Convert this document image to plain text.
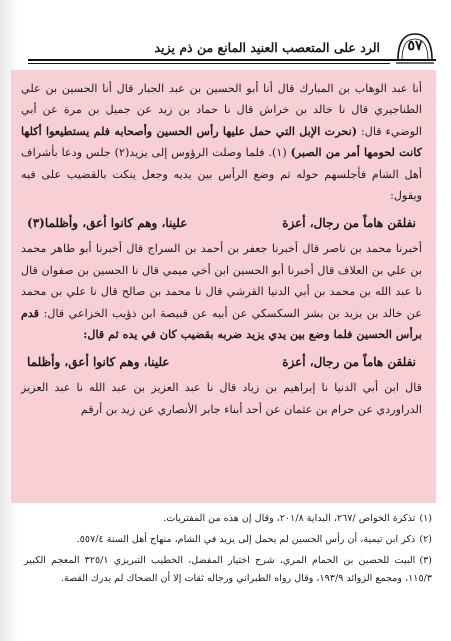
٥٧
الرد على المتعصب العنيد المانع من ذم يزيد

أنا عبد الوهاب بن المبارك قال أنا أبو الحسين بن عبد الجبار قال أنا الحسين بن علي الطناجيري قال نا خالد بن خراش قال نا حماد بن زيد عن جميل بن مرة عن أبي الوضيء قال: (نحرت الإبل التي حمل عليها رأس الحسين وأصحابه فلم يستطيعوا أكلها كانت لحومها أمر من الصبر) (١). فلما وصلت الرؤوس إلى يزيد(٢) جلس ودعا بأشراف أهل الشام فأجلسهم حوله ثم وضع الرأس بين يديه وجعل ينكت بالقضيب على فيه ويقول:

نفلقن هاماً من رجال، أعزة
علينا، وهم كانوا أعق، وأظلما(٣)

أخبرنا محمد بن ناصر قال أخبرنا جعفر بن أحمد بن السراج قال أخبرنا أبو طاهر محمد بن علي بن العلاف قال أخبرنا أبو الحسين ابن أخي ميمي قال نا الحسين بن صفوان قال نا عبد الله بن محمد بن أبي الدنيا القرشي قال نا محمد بن صالح قال نا علي بن محمد عن خالد بن يزيد بن بشر السكسكي عن أبيه عن قبيصة ابن ذؤيب الخزاعي قال: قدم برأس الحسين فلما وضع بين يدي يزيد ضربه بقضيب كان في يده ثم قال:

نفلقن هاماً من رجال، أعزة
علينا، وهم كانوا أعق، وأظلما

قال ابن أبي الدنيا نا إبراهيم بن زياد قال نا عبد العزيز بن عبد الله نا عبد العزيز الدراوردي عن حرام بن عثمان عن أحد أبناء جابر الأنصاري عن زيد بن أرقم

(١)تذكرة الخواص /٢٦٧، البداية ٢٠١/٨، وقال إن هذه من المفتريات.

(٢)ذكر ابن تيمية، أن رأس الحسين لم يحمل إلى يزيد في الشام، منهاج أهل السنة ٥٥٧/٤.

(٣)البيت للحصين بن الحمام المري، شرح اختيار المفضل، الخطيب التبريزي ٣٢٥/١ المعجم الكبير ١١٥/٣، ومجمع الزوائد ١٩٣/٩، وقال رواه الطبراني ورجاله ثقات إلا أن الضحاك لم يدرك القصة.
